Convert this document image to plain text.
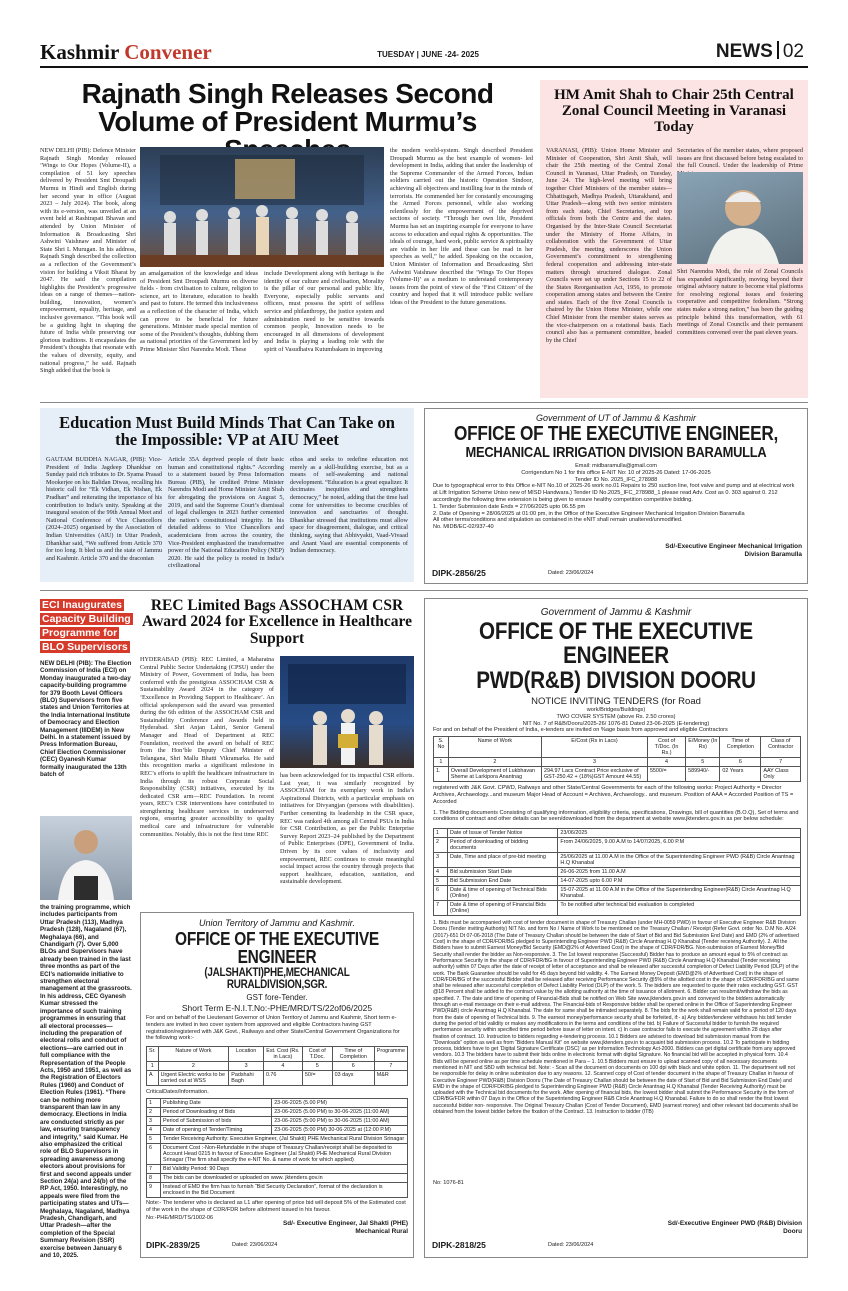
Kashmir Convener	TUESDAY | JUNE -24- 2025	NEWS 02
Rajnath Singh Releases Second Volume of President Murmu’s
NEW DELHI (PIB): Defence Minister Rajnath Singh Monday released ‘Wings to Our Hopes (Volume-II), a compilation of 51 key speeches delivered by President Smt Droupadi Murmu in Hindi and English during her second year in office (August 2023 – July 2024). The book, along with its e-version, was unveiled at an event held at Rashtrapati Bhavan and attended by Union Minister of Information & Broadcasting Shri Ashwini Vaishnaw and Minister of State Shri L Murugan. In his address, Rajnath Singh described the collection as a reflection of the Government’s vision for building a Viksit Bharat by 2047. He said the compilation highlights the President’s progressive ideas on a range of themes—nation-building, innovation, women’s empowerment, equality, heritage, and inclusive governance. “This book will be a guiding light in shaping the future of India while preserving our glorious traditions. It encapsulates the President’s thoughts that resonate with the values of diversity, equity, and national progress,” he said. Rajnath Singh added that the book is
an amalgamation of the knowledge and ideas of President Smt Droupadi Murmu on diverse fields - from civilisation to culture, religion to science, art to literature, education to health and past to future. He termed this inclusiveness as a reflection of the character of India, which can prove to be beneficial for future generations. Minister made special mention of some of the President’s thoughts, dubbing them as national priorities of the Government led by Prime Minister Shri Narendra Modi. These
include Development along with heritage is the identity of our culture and civilisation, Morality is the pillar of our personal and public life, Everyone, especially public servants and officers, must possess the spirit of selfless service and philanthropy, the justice system and administration need to be sensitive towards common people, Innovation needs to be encouraged in all dimensions of development and India is playing a leading role with the spirit of Vasudhaiva Kutumbakam in improving
the modern world-system. Singh described President Droupadi Murmu as the best example of women- led development in India, adding that under the leadership of the Supreme Commander of the Armed Forces, Indian soldiers carried out the historic Operation Sindoor, achieving all objectives and instilling fear in the minds of terrorists. He commended her for constantly encouraging the Armed Forces personnel, while also working relentlessly for the empowerment of the deprived sections of society. “Through her own life, President Murmu has set an inspiring example for everyone to have access to education and equal rights & opportunities. The ideals of courage, hard work, public service & spirituality are visible in her life and these can be read in her speeches as well,” he added. Speaking on the occasion, Union Minister of Information and Broadcasting Shri Ashwini Vaishnaw described the ‘Wings To Our Hopes (Volume-II)’ as a medium to understand contemporary issues from the point of view of the ‘First Citizen’ of the country and hoped that it will introduce public welfare ideas of the President to the future generations.
HM Amit Shah to Chair 25th Central Zonal Council Meeting in Varanasi Today
VARANASI, (PIB): Union Home Minister and Minister of Cooperation, Shri Amit Shah, will chair the 25th meeting of the Central Zonal Council in Varanasi, Uttar Pradesh, on Tuesday, June 24. The high-level meeting will bring together Chief Ministers of the member states—Chhattisgarh, Madhya Pradesh, Uttarakhand, and Uttar Pradesh—along with two senior ministers from each state, Chief Secretaries, and top officials from both the Centre and the states. Organised by the Inter-State Council Secretariat under the Ministry of Home Affairs, in collaboration with the Government of Uttar Pradesh, the meeting underscores the Union Government’s commitment to strengthening federal cooperation and addressing inter-state matters through structured dialogue. Zonal Councils were set up under Sections 15 to 22 of the States Reorganisation Act, 1956, to promote cooperation among states and between the Centre and states. Each of the five Zonal Councils is chaired by the Union Home Minister, while one Chief Minister from the member states serves as the vice-chairperson on a rotational basis. Each council also has a permanent committee, headed by the Chief
Secretaries of the member states, where proposed issues are first discussed before being escalated to the full Council. Under the leadership of Prime
Shri Narendra Modi, the role of Zonal Councils has expanded significantly, moving beyond their original advisory nature to become vital platforms for resolving regional issues and fostering cooperative and competitive federalism. “Strong states make a strong nation,” has been the guiding principle behind this transformation, with 61 meetings of Zonal Councils and their permanent committees convened over the past eleven years.
Education Must Build Minds That Can Take on the Impossible: VP at AIU Meet
GAUTAM BUDDHA NAGAR, (PIB): Vice-President of India Jagdeep Dhankhar on Sunday paid rich tributes to Dr. Syama Prasad Mookerjee on his Balidan Diwas, recalling his historic call for “Ek Vidhan, Ek Nishan, Ek Pradhan” and reiterating the importance of his contribution to India’s unity. Speaking at the inaugural session of the 99th Annual Meet and National Conference of Vice Chancellors (2024–2025) organised by the Association of Indian Universities (AIU) in Uttar Pradesh, Dhankhar said, “We suffered from Article 370 for too long. It bled us and the state of Jammu and Kashmir. Article 370 and the draconian
Article 35A deprived people of their basic human and constitutional rights.” According to a statement issued by Press Information Bureau (PIB), he credited Prime Minister Narendra Modi and Home Minister Amit Shah for abrogating the provisions on August 5, 2019, and said the Supreme Court’s dismissal of legal challenges in 2023 further cemented the nation’s constitutional integrity. In his detailed address to Vice Chancellors and academicians from across the country, the Vice-President emphasized the transformative power of the National Education Policy (NEP) 2020. He said the policy is rooted in India’s civilizational
ethos and seeks to redefine education not merely as a skill-building exercise, but as a means of self-awakening and national development. “Education is a great equalizer. It decimates inequities and strengthens democracy,” he noted, adding that the time had come for universities to become crucibles of innovation and sanctuaries of thought. Dhankhar stressed that institutions must allow space for disagreement, dialogue, and critical thinking, saying that Abhivyakti, Vaad-Vivaad and Anant Vaad are essential components of Indian democracy.
Government of UT of Jammu & Kashmir
OFFICE OF THE EXECUTIVE ENGINEER,
MECHANICAL IRRIGATION DIVISION BARAMULLA
Email: midbaramulla@gmail.com
Corrigendum No 1 for this office E-NIT No: 10 of 2025-26 Dated: 17-06-2025
Tender ID No. 2025_IFC_278988
Due to typographical error to this Office e-NIT No.10 of 2025-26 work no.01 Repairs to 250 suction line, foot valve and pump and at electrical work at Lift Irrigation Scheme Uniso new of MISD Handwara.) Tender ID No.2025_IFC_278988_1 please read Adv. Cost as 0. 303 against 0. 212 accordingly the following time extension is being given to ensure healthy competition competitive bidding.
1. Tender Submission date Ends = 27/06/2025 upto 06.55 pm
2. Date of Opening = 28/06/2025 at 01:00 pm, in the Office of the Executive Engineer Mechanical Irrigation Division Baramulla
All other terms/conditions and stipulation as contained in the eNIT shall remain unaltered/unmodified.
No. MIDB/EC-02/937-40
Sd/-Executive Engineer Mechanical Irrigation Division Baramulla
DIPK-2856/25	Dated: 23/06/2024
ECI Inaugurates Capacity Building Programme for BLO Supervisors
NEW DELHI (PIB): The Election Commission of India (ECI) on Monday inaugurated a two-day capacity-building programme for 379 Booth Level Officers (BLO) Supervisors from five states and Union Territories at the India International Institute of Democracy and Election Management (IIIDEM) in New Delhi. In a statement issued by Press Information Bureau, Chief Election Commissioner (CEC) Gyanesh Kumar formally inaugurated the 13th batch of
the training programme, which includes participants from Uttar Pradesh (113), Madhya Pradesh (128), Nagaland (67), Meghalaya (66), and Chandigarh (7). Over 5,000 BLOs and Supervisors have already been trained in the last three months as part of the ECI’s nationwide initiative to strengthen electoral management at the grassroots. In his address, CEC Gyanesh Kumar stressed the importance of such training programmes in ensuring that all electoral processes—including the preparation of electoral rolls and conduct of elections—are carried out in full compliance with the Representation of the People Acts, 1950 and 1951, as well as the Registration of Electors Rules (1960) and Conduct of Election Rules (1961). “There can be nothing more transparent than law in any democracy. Elections in India are conducted strictly as per law, ensuring transparency and integrity,” said Kumar. He also emphasized the critical role of BLO Supervisors in spreading awareness among electors about provisions for first and second appeals under Section 24(a) and 24(b) of the RP Act, 1950. Interestingly, no appeals were filed from the participating states and UTs—Meghalaya, Nagaland, Madhya Pradesh, Chandigarh, and Uttar Pradesh—after the completion of the Special Summary Revision (SSR) exercise between January 6 and 10, 2025.
REC Limited Bags ASSOCHAM CSR Award 2024 for Excellence in Healthcare Support
HYDERABAD (PIB): REC Limited, a Maharatna Central Public Sector Undertaking (CPSU) under the Ministry of Power, Government of India, has been conferred with the prestigious ASSOCHAM CSR & Sustainability Award 2024 in the category of ‘Excellence in Providing Support to Healthcare’. An official spokesperson said the award was presented during the 6th edition of the ASSOCHAM CSR and Sustainability Conference and Awards held in Hyderabad. Shri Anjan Lahiri, Senior General Manager and Head of Department at REC Foundation, received the award on behalf of REC from the Hon’ble Deputy Chief Minister of Telangana, Shri Mallu Bhatti Vikramarka. He said this recognition marks a significant milestone in REC’s efforts to uplift the healthcare infrastructure in India through its robust Corporate Social Responsibility (CSR) initiatives, executed by its dedicated CSR arm—REC Foundation. In recent years, REC’s CSR interventions have contributed to strengthening healthcare services in underserved regions, ensuring greater accessibility to quality medical care and infrastructure for vulnerable communities. Notably, this is not the first time REC
has been acknowledged for its impactful CSR efforts. Last year, it was similarly recognized by ASSOCHAM for its exemplary work in India’s Aspirational Districts, with a particular emphasis on initiatives for Divyangjan (persons with disabilities). Further cementing its leadership in the CSR space, REC was ranked 4th among all Central PSUs in India for CSR Contribution, as per the Public Enterprise Survey Report 2023–24 published by the Department of Public Enterprises (DPE), Government of India. Driven by its core values of inclusivity and empowerment, REC continues to create meaningful social impact across the country through projects that support healthcare, education, sanitation, and sustainable development.
Union Territory of Jammu and Kashmir.
OFFICE OF THE EXECUTIVE ENGINEER
(JALSHAKTI)PHE,MECHANICAL RURALDIVISION,SGR.
GST fore-Tender.
Short Term E-N.I.T.No:-PHE/MRD/TS/22of06/2025
For and on behalf of the Lieutenant Governor of Union Territory of Jammu and Kashmir, Short term e-tenders are invited in two cover system from approved and eligible Contractors having GST registration/registered with J&K Govt., Railways and other State/Central Government Organizations for the following work:-
Sr.	Nature of Work	Location	Est. Cost (Rs. in Lacs)	Cost of T.Doc.	Time of Completion	Programme
1	2	3	4	5	6	7
A	Urgent Electric works to be carried out at WSS	Padshahi Bagh	0.76	50/=	03 days	M&R
CriticalDates/Information.
1	Publishing Date	23-06-2025 (5.00 PM)
2	Period of Downloading of Bids	23-06-2025 (5.00 PM) to 30-06-2025 (11:00 AM)
3	Period of Submission of bids	23-06-2025 (5:00 PM) to 30-06-2025 (11:00 AM)
4	Date of opening of Tender/Timing	23-06-2025 (5:00 PM) 30-06-2025 at (12:00 P.M)
5	Tender Receiving Authority: Executive Engineer, (Jal Shakti) PHE Mechanical Rural Division Srinagar	
6	Document Cost :-Non-Refundable in the shape of Treasury Challan/receipt shall be deposited to Account Head 0215 in favour of Executive Engineer (Jal Shakti) PHE Mechanical Rural Division Srinagar (The firm shall specify the e-NIT No. & name of work for which applied)	
7	Bid Validity Period: 90 Days	
8	The bids can be downloaded or uploaded on www. jktenders.gov.in	
9	Instead of EMD the firm has to furnish “Bid Security Declaration”, format of the declaration is enclosed in the Bid Document	
Note:- The tenderer who is declared as L1 after opening of price bid will deposit 5% of the Estimated cost of the work in the shape of CDR/FDR before allotment issued in his favour.
No:-PHE/MRD/TS/1002-06
Sd/- Executive Engineer, Jal Shakti (PHE) Mechanical Rural
DIPK-2839/25	Dated: 23/06/2024
Government of Jammu & Kashmir
OFFICE OF THE EXECUTIVE ENGINEER
PWD(R&B) DIVISION DOORU
NOTICE INVITING TENDERS (for Road
work/Bridges/Buildings)
TWO COVER SYSTEM (above Rs. 2.50 crores)
NIT No. 7 of R&B/Dooru/2025-26/ 1076-81 Dated 23-06-2025 (E-tendering)
For and on behalf of the President of India, e-tenders are invited on %age basis from approved and eligible Contractors
S. No	Name of Work	E/Cost (Rs in Lacs)	Cost of T/Doc. (In Rs.)	E/Money (In Rs)	Time of Completion	Class of Contractor
1	2	3	4	5	6	7
1.	Overall Development of Lukbhavan Sheme at Larkipora Anantnag	294.97 Lacs Contract Price exclusive of GST-250.42 + (18%)GST Amount 44.55)	5500/=	589940/-	02 Years	AAY Class Only
registered with J&K Govt. CPWD, Railways and other State/Central Governments for each of the following works: Project Authority = Director Archives, Archaeology...and museum Major Head of Account = Archives, Archaeology.. and museum. Position of AAA = Accorded Position of TS = Accorded
1. The Bidding documents Consisting of qualifying information, eligibility criteria, specifications, Drawings, bill of quantities (B.O.Q), Set of terms and conditions of contract and other details can be seen/downloaded from the department at website www.jktenders.gov.in as per below schedule:
1	Date of Issue of Tender Notice	23/06/2025
2	Period of downloading of bidding documents	From 24/06/2025, 9.00 A.M to 14/07/2025, 6.00 P.M
3	Date, Time and place of pre-bid meeting	25/06/2025 at 11.00 A.M in the Office of the Superintending Engineer PWD (R&B) Circle Anantnag H.Q Khanabal
4	Bid submission Start Date	26-06-2025 from 11.00 A.M
5	Bid Submission End Date	14-07-2025 upto 6.00 P.M
6	Date & time of opening of Technical Bids (Online)	15-07-2025 at 11.00 A.M in the Office of the Superintending Engineer(R&B) Circle Anantnag H.Q Khanabal.
7	Date & time of opening of Financial Bids (Online)	To be notified after technical bid evaluation is completed
1. Bids must be accompanied with cost of tender document in shape of Treasury Challan (under MH-0059 PWD) in favour of Executive Engineer R&B Division Dooru (Tender inviting Authority) NIT No. and form No / Name of Work to be mentioned on the Treasury Challan / Receipt (Refer Govt. order No. D.M No. A/24 (2017)-651 Dt 07-06-2018 (The Date of Treasury Challan should be between the date of Start of Bid and Bid Submission End Date) and EMD (2% of advertised Cost) in the shape of CDR/FDR/BG pledged to Superintending Engineer PWD (R&B) Circle Anantnag H.Q Khanabal (Tender receiving Authority). 2. All the Bidders have to submit Earnest Money/Bid Security (EMD@2% of Advertised Cost) in the shape of CDR/FDR/BG. Non-submission of Earnest Money/Bid Security shall render the bidder as Non-responsive. 3. The 1st lowest responsive (Successful) Bidder has to produce an amount equal to 5% of contract as Performance Security in the shape of CDR/FDR/BG in favour of Superintending Engineer PWD (R&B) Circle Anantnag H.Q Khanabal (Tender receiving authority) within 07 Days after the date of receipt of letter of acceptance and shall be released after successful completion of Defect Liability Period (DLP) of the work. The Bank Guarantee should be valid for 45 days beyond bid validity. 4. The Earnest Money Deposit (EMD@2% of Advertised Cost) in the shape of CDR/FDR/BG of the successful Bidder shall be released after receiving Performance Security @5% of the allotted cost in the shape of CDR/FDR/BG and same shall be released after successful completion of Defect Liability Period (DLP) of the work. 5. The bidders are requested to quote their rates excluding GST. GST @18 Percent shall be added to the contract value by the allotting authority at the time of issuance of allotment. 6. Bidder can resubmit/withdraw the bids as specified. 7. The date and time of opening of Financial-Bids shall be notified on Web Site www.jktenders.gov.in and conveyed to the bidders automatically through an e-mail message on their e-mail address. The Financial-bids of Responsive bidder shall be opened online in the Office of Superintending Engineer PWD(R&B) circle Anantnag H.Q Khanabal. The date for same shall be intimated separately. 8. The bids for the work shall remain valid for a period of 120 days from the date of opening of Technical bids. 9. The earnest money/performance security shall be forfeited, if:- a) Any bidder/tenderer withdraws his bid/ tender during the period of bid validity or makes any modifications in the terms and conditions of the bid. b) Failure of Successful bidder to furnish the required performance security within specified time period before issue of letter on intent. c) In case contractor fails to execute the agreement within 28 days after fixation of contract. 10. Instruction to bidders regarding e-tendering process. 10.1 Bidders are advised to download bid submission manual from the “Downloads” option as well as from “Bidders Manual Kit” on website www.jktenders.gov.in to acquaint bid submission process. 10.2 To participate in bidding process, bidders have to get ‘Digital Signature Certificate (DSC)’ as per Information Technology Act-2000. Bidders can get digital certificate from any approved vendors. 10.3 The bidders have to submit their bids online in electronic format with digital Signature. No financial bid will be accepted in physical form. 10.4 Bids will be opened online as per time schedule mentioned in Para – 1. 10.5 Bidders must ensure to upload scanned copy of all necessary documents mentioned in NIT and SBD with technical bid. Note: - Scan all the document on documents on 100 dpi with black and white option. 11. The department will not be responsible for delay in online submission due to any reasons. 12. Scanned copy of Cost of tender document in the shape of Treasury Challan in favour of Executive Engineer PWD(R&B) Division Dooru (The Date of Treasury Challan should be between the date of Start of Bid and Bid Submission End Date) and EMD in the shape of CDR/FDR/BG pledged to Superintending Engineer PWD (R&B) Circle Anantnag H.Q Khanabal (Tender Receiving Authority) must be uploaded with the Technical bid documents for the work. After opening of financial bids, the lowest bidder shall submit the Performance Security in the form of CDR/BG/FDR within 07 Days in the Office of the Superintending Engineer R&B Circle Anantnag H.Q Khanabal. Failure to do so shall render the first lowest successful bidder non- responsive. The Original Treasury Challan (Cost of Tender Document), EMD (earnest money) and other relevant bid documents shall be obtained from the lowest bidder before the fixation of the Contract. 13. Instruction to bidder (ITB)
No: 1076-81
Sd/-Executive Engineer PWD (R&B) Division Dooru
DIPK-2818/25	Dated: 23/06/2024
